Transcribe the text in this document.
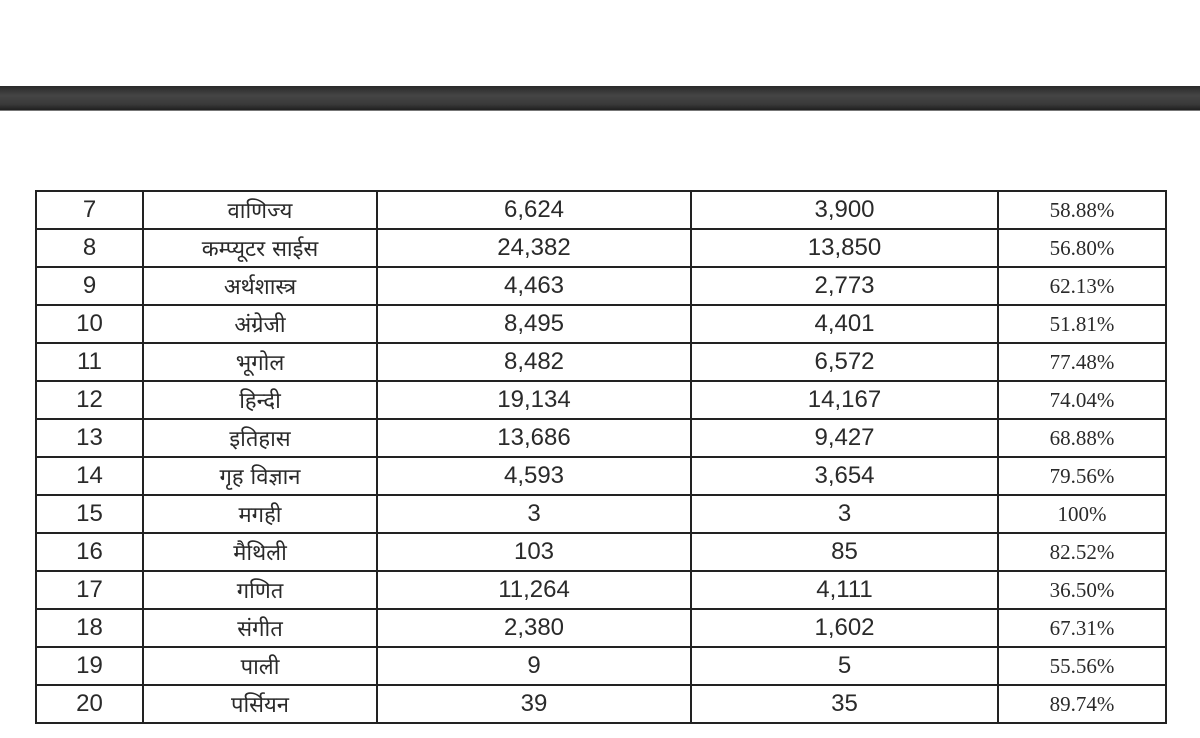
7	वाणिज्य	6,624	3,900	58.88%
8	कम्प्यूटर साईस	24,382	13,850	56.80%
9	अर्थशास्त्र	4,463	2,773	62.13%
10	अंग्रेजी	8,495	4,401	51.81%
11	भूगोल	8,482	6,572	77.48%
12	हिन्दी	19,134	14,167	74.04%
13	इतिहास	13,686	9,427	68.88%
14	गृह विज्ञान	4,593	3,654	79.56%
15	मगही	3	3	100%
16	मैथिली	103	85	82.52%
17	गणित	11,264	4,111	36.50%
18	संगीत	2,380	1,602	67.31%
19	पाली	9	5	55.56%
20	पर्सियन	39	35	89.74%
